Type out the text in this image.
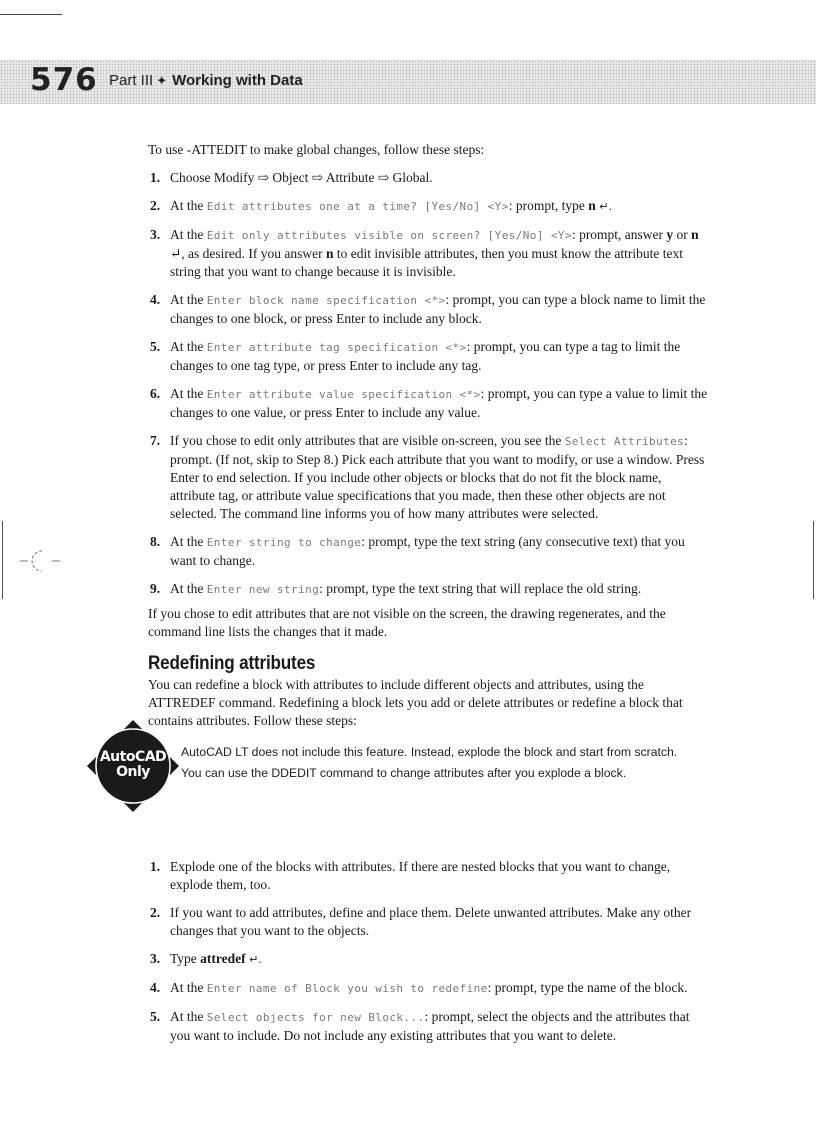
576 Part III ✦ Working with Data
AutoCAD
Only

To use -ATTEDIT to make global changes, follow these steps:

1. Choose Modify ⇨ Object ⇨ Attribute ⇨ Global.
2. At the Edit attributes one at a time? [Yes/No] <Y>: prompt, type n ↵.
3. At the Edit only attributes visible on screen? [Yes/No] <Y>: prompt, answer y or n ↵, as desired. If you answer n to edit invisible attributes, then you must know the attribute text string that you want to change because it is invisible.
4. At the Enter block name specification <*>: prompt, you can type a block name to limit the changes to one block, or press Enter to include any block.
5. At the Enter attribute tag specification <*>: prompt, you can type a tag to limit the changes to one tag type, or press Enter to include any tag.
6. At the Enter attribute value specification <*>: prompt, you can type a value to limit the changes to one value, or press Enter to include any value.
7. If you chose to edit only attributes that are visible on-screen, you see the Select Attributes: prompt. (If not, skip to Step 8.) Pick each attribute that you want to modify, or use a window. Press Enter to end selection. If you include other objects or blocks that do not fit the block name, attribute tag, or attribute value specifications that you made, then these other objects are not selected. The command line informs you of how many attributes were selected.
8. At the Enter string to change: prompt, type the text string (any consecutive text) that you want to change.
9. At the Enter new string: prompt, type the text string that will replace the old string.

If you chose to edit attributes that are not visible on the screen, the drawing regenerates, and the command line lists the changes that it made.

Redefining attributes

You can redefine a block with attributes to include different objects and attributes, using the ATTREDEF command. Redefining a block lets you add or delete attributes or redefine a block that contains attributes. Follow these steps:

AutoCAD LT does not include this feature. Instead, explode the block and start from scratch.
You can use the DDEDIT command to change attributes after you explode a block.
1. Explode one of the blocks with attributes. If there are nested blocks that you want to change, explode them, too.
2. If you want to add attributes, define and place them. Delete unwanted attributes. Make any other changes that you want to the objects.
3. Type attredef ↵.
4. At the Enter name of Block you wish to redefine: prompt, type the name of the block.
5. At the Select objects for new Block...: prompt, select the objects and the attributes that you want to include. Do not include any existing attributes that you want to delete.
